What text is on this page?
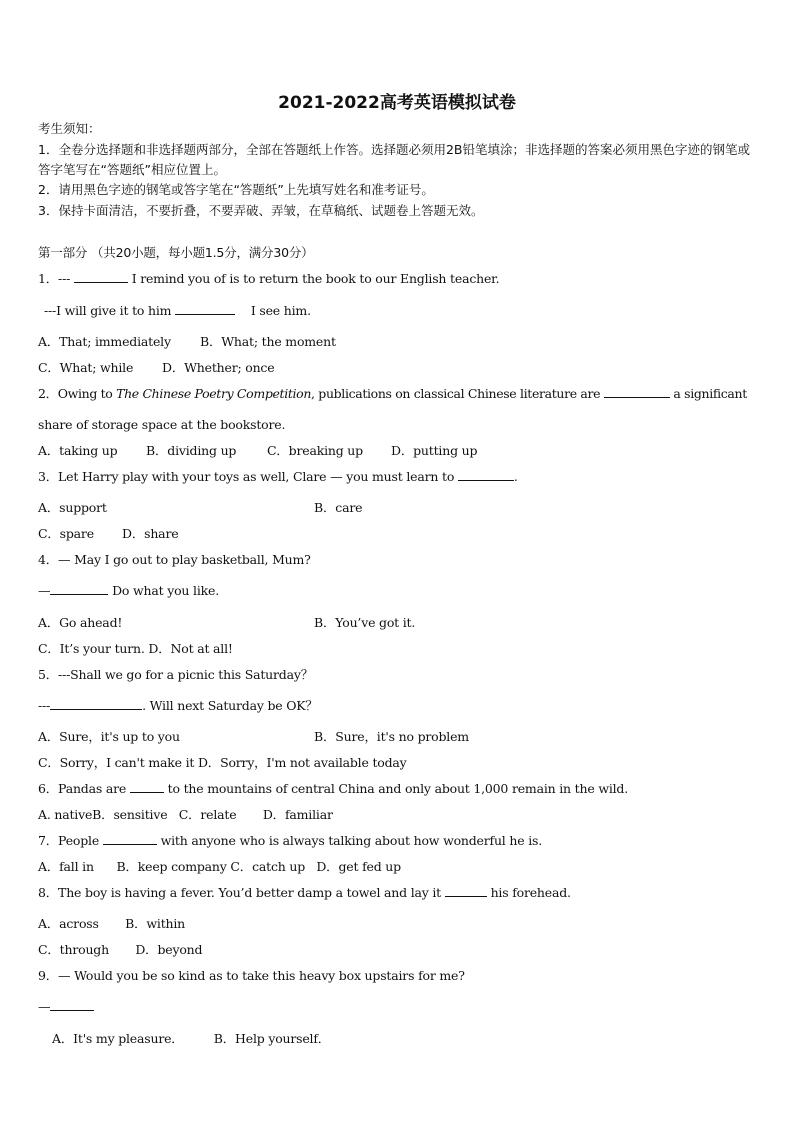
2021-2022高考英语模拟试卷
考生须知：
1．全卷分选择题和非选择题两部分，全部在答题纸上作答。选择题必须用2B铅笔填涂；非选择题的答案必须用黑色字迹的钢笔或答字笔写在“答题纸”相应位置上。
2．请用黑色字迹的钢笔或答字笔在“答题纸”上先填写姓名和准考证号。
3．保持卡面清洁，不要折叠，不要弄破、弄皱，在草稿纸、试题卷上答题无效。
第一部分 （共20小题，每小题1.5分，满分30分）
1．---	I remind you of is to return the book to our English teacher.
---I will give it to him	I see him.
A．That; immediately B．What; the moment
C．What; while D．Whether; once
2．Owing to The Chinese Poetry Competition, publications on classical Chinese literature are	a significant
share of storage space at the bookstore.
A．taking up B．dividing up C．breaking up D．putting up
3．Let Harry play with your toys as well, Clare — you must learn to	.
A．support	B．care
C．spare D．share
4．— May I go out to play basketball, Mum?
—	Do what you like.
A．Go ahead!	B．You’ve got it.
C．It’s your turn. D．Not at all!
5．---Shall we go for a picnic this Saturday？
---	. Will next Saturday be OK？
A．Sure，it's up to you	B．Sure，it's no problem
C．Sorry，I can't make it D．Sorry，I'm not available today
6．Pandas are	to the mountains of central China and only about 1,000 remain in the wild.
A. nativeB．sensitive   C．relate       D．familiar
7．People	with anyone who is always talking about how wonderful he is.
A．fall in      B．keep company C．catch up   D．get fed up
8．The boy is having a fever. You’d better damp a towel and lay it	his forehead.
A．across       B．within
C．through       D．beyond
9．— Would you be so kind as to take this heavy box upstairs for me?
—
A．It's my pleasure．        B．Help yourself．
